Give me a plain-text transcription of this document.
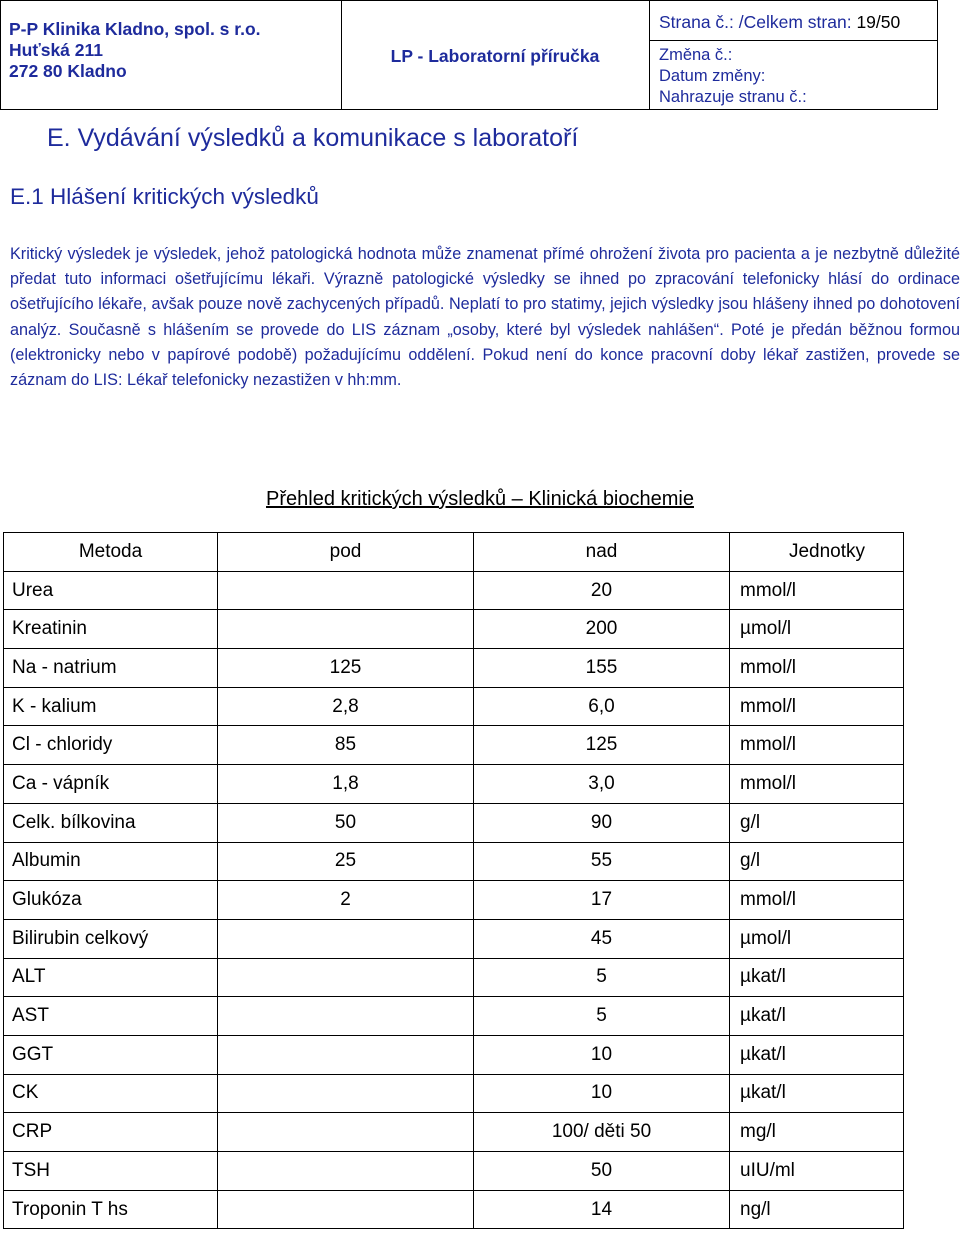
P-P Klinika Kladno, spol. s r.o.
Huťská 211
272 80 Kladno
LP - Laboratorní příručka
Strana č.: /Celkem stran: 19/50
Změna č.:
Datum změny:
Nahrazuje stranu č.:
E. Vydávání výsledků a komunikace s laboratoří
E.1 Hlášení kritických výsledků

Kritický výsledek je výsledek, jehož patologická hodnota může znamenat přímé ohrožení života pro pacienta a je nezbytně důležité předat tuto informaci ošetřujícímu lékaři. Výrazně patologické výsledky se ihned po zpracování telefonicky hlásí do ordinace ošetřujícího lékaře, avšak pouze nově zachycených případů. Neplatí to pro statimy, jejich výsledky jsou hlášeny ihned po dohotovení analýz. Současně s hlášením se provede do LIS záznam „osoby, které byl výsledek nahlášen“. Poté je předán běžnou formou (elektronicky nebo v papírové podobě) požadujícímu oddělení. Pokud není do konce pracovní doby lékař zastižen, provede se záznam do LIS: Lékař telefonicky nezastižen v hh:mm.

Přehled kritických výsledků – Klinická biochemie
Metoda	pod	nad	Jednotky
Urea		20	mmol/l
Kreatinin		200	µmol/l
Na - natrium	125	155	mmol/l
K - kalium	2,8	6,0	mmol/l
Cl - chloridy	85	125	mmol/l
Ca - vápník	1,8	3,0	mmol/l
Celk. bílkovina	50	90	g/l
Albumin	25	55	g/l
Glukóza	2	17	mmol/l
Bilirubin celkový		45	µmol/l
ALT		5	µkat/l
AST		5	µkat/l
GGT		10	µkat/l
CK		10	µkat/l
CRP		100/ děti 50	mg/l
TSH		50	uIU/ml
Troponin T hs		14	ng/l
